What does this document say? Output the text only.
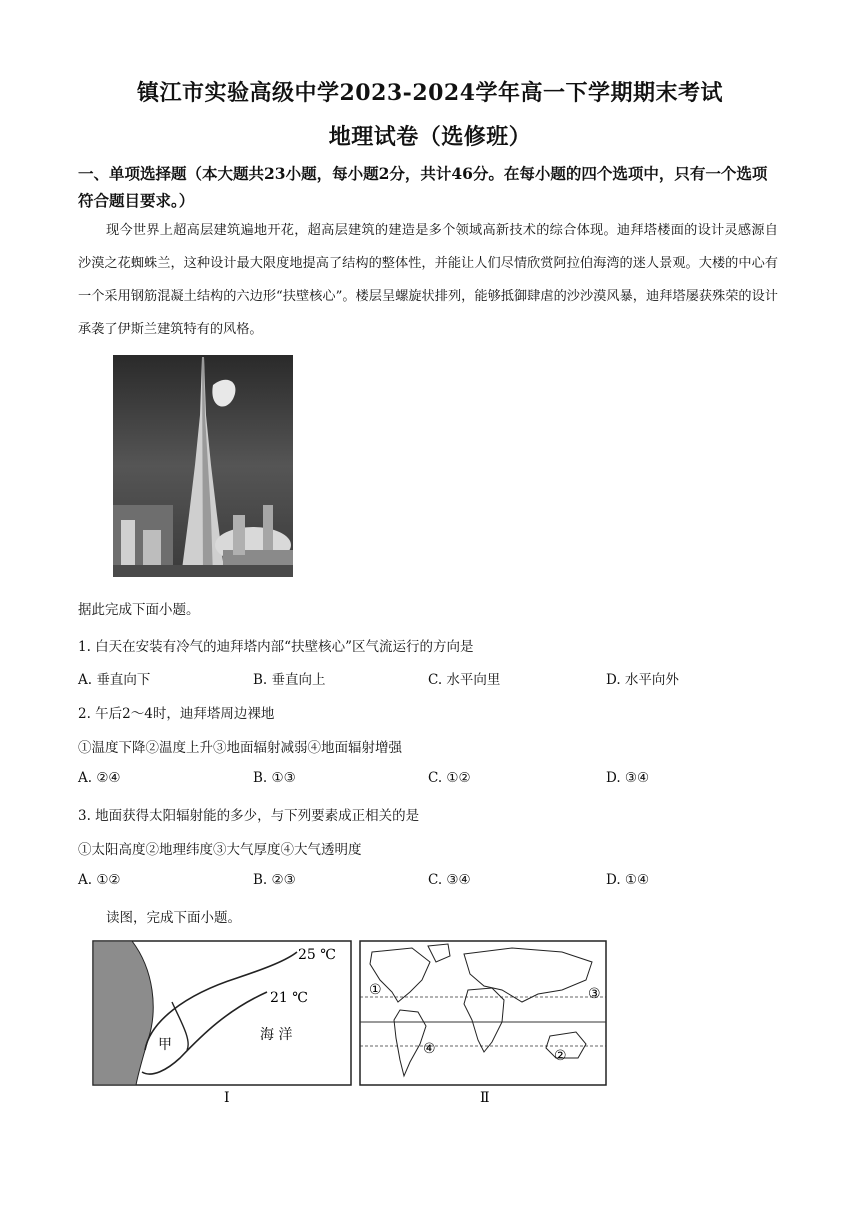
镇江市实验高级中学2023-2024学年高一下学期期末考试
地理试卷（选修班）
一、单项选择题（本大题共23小题，每小题2分，共计46分。在每小题的四个选项中，只有一个选项符合题目要求。）
现今世界上超高层建筑遍地开花，超高层建筑的建造是多个领域高新技术的综合体现。迪拜塔楼面的设计灵感源自沙漠之花蜘蛛兰，这种设计最大限度地提高了结构的整体性，并能让人们尽情欣赏阿拉伯海湾的迷人景观。大楼的中心有一个采用钢筋混凝土结构的六边形“扶壁核心”。楼层呈螺旋状排列，能够抵御肆虐的沙沙漠风暴，迪拜塔屡获殊荣的设计承袭了伊斯兰建筑特有的风格。
据此完成下面小题。
1. 白天在安装有冷气的迪拜塔内部“扶壁核心”区气流运行的方向是
A. 垂直向下	B. 垂直向上	C. 水平向里	D. 水平向外
2. 午后2～4时，迪拜塔周边裸地
①温度下降②温度上升③地面辐射减弱④地面辐射增强
A. ②④	B. ①③	C. ①②	D. ③④
3. 地面获得太阳辐射能的多少，与下列要素成正相关的是
①太阳高度②地理纬度③大气厚度④大气透明度
A. ①②	B. ②③	C. ③④	D. ①④
读图，完成下面小题。
25 ℃
21 ℃
甲
海 洋
Ⅰ
①
②
③
④
Ⅱ
